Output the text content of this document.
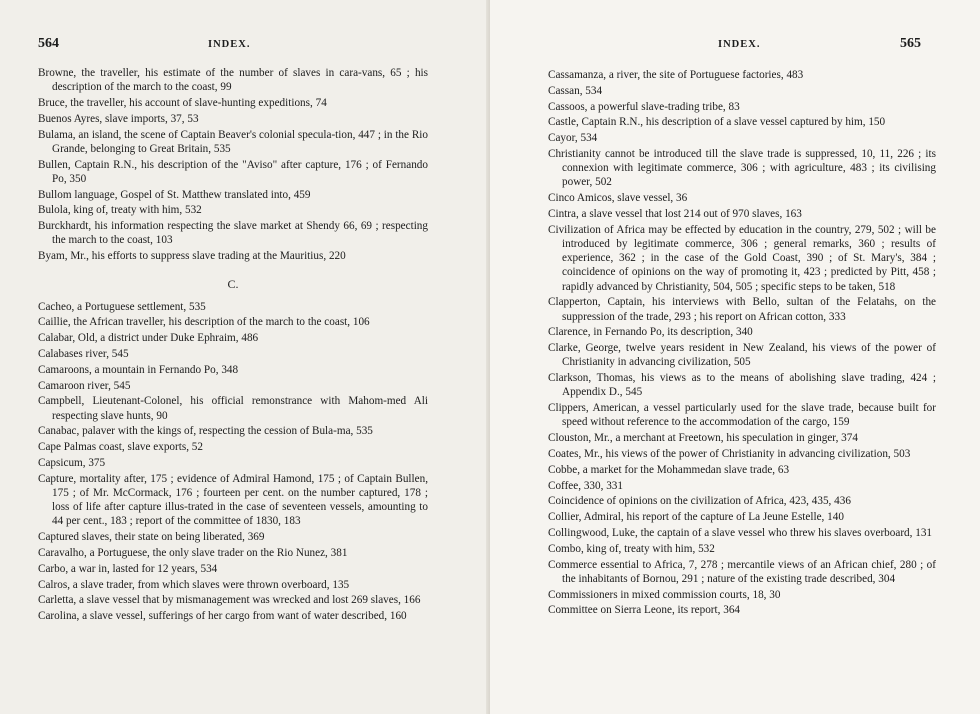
564	INDEX.

Browne, the traveller, his estimate of the number of slaves in cara-vans, 65 ; his description of the march to the coast, 99

Bruce, the traveller, his account of slave-hunting expeditions, 74

Buenos Ayres, slave imports, 37, 53

Bulama, an island, the scene of Captain Beaver's colonial specula-tion, 447 ; in the Rio Grande, belonging to Great Britain, 535

Bullen, Captain R.N., his description of the "Aviso" after capture, 176 ; of Fernando Po, 350

Bullom language, Gospel of St. Matthew translated into, 459

Bulola, king of, treaty with him, 532

Burckhardt, his information respecting the slave market at Shendy 66, 69 ; respecting the march to the coast, 103

Byam, Mr., his efforts to suppress slave trading at the Mauritius, 220

C.

Cacheo, a Portuguese settlement, 535

Caillie, the African traveller, his description of the march to the coast, 106

Calabar, Old, a district under Duke Ephraim, 486

Calabases river, 545

Camaroons, a mountain in Fernando Po, 348

Camaroon river, 545

Campbell, Lieutenant-Colonel, his official remonstrance with Mahom-med Ali respecting slave hunts, 90

Canabac, palaver with the kings of, respecting the cession of Bula-ma, 535

Cape Palmas coast, slave exports, 52

Capsicum, 375

Capture, mortality after, 175 ; evidence of Admiral Hamond, 175 ; of Captain Bullen, 175 ; of Mr. McCormack, 176 ; fourteen per cent. on the number captured, 178 ; loss of life after capture illus-trated in the case of seventeen vessels, amounting to 44 per cent., 183 ; report of the committee of 1830, 183

Captured slaves, their state on being liberated, 369

Caravalho, a Portuguese, the only slave trader on the Rio Nunez, 381

Carbo, a war in, lasted for 12 years, 534

Calros, a slave trader, from which slaves were thrown overboard, 135

Carletta, a slave vessel that by mismanagement was wrecked and lost 269 slaves, 166

Carolina, a slave vessel, sufferings of her cargo from want of water described, 160

INDEX.	565

Cassamanza, a river, the site of Portuguese factories, 483

Cassan, 534

Cassoos, a powerful slave-trading tribe, 83

Castle, Captain R.N., his description of a slave vessel captured by him, 150

Cayor, 534

Christianity cannot be introduced till the slave trade is suppressed, 10, 11, 226 ; its connexion with legitimate commerce, 306 ; with agriculture, 483 ; its civilising power, 502

Cinco Amicos, slave vessel, 36

Cintra, a slave vessel that lost 214 out of 970 slaves, 163

Civilization of Africa may be effected by education in the country, 279, 502 ; will be introduced by legitimate commerce, 306 ; general remarks, 360 ; results of experience, 362 ; in the case of the Gold Coast, 390 ; of St. Mary's, 384 ; coincidence of opinions on the way of promoting it, 423 ; predicted by Pitt, 458 ; rapidly advanced by Christianity, 504, 505 ; specific steps to be taken, 518

Clapperton, Captain, his interviews with Bello, sultan of the Felatahs, on the suppression of the trade, 293 ; his report on African cotton, 333

Clarence, in Fernando Po, its description, 340

Clarke, George, twelve years resident in New Zealand, his views of the power of Christianity in advancing civilization, 505

Clarkson, Thomas, his views as to the means of abolishing slave trading, 424 ; Appendix D., 545

Clippers, American, a vessel particularly used for the slave trade, because built for speed without reference to the accommodation of the cargo, 159

Clouston, Mr., a merchant at Freetown, his speculation in ginger, 374

Coates, Mr., his views of the power of Christianity in advancing civilization, 503

Cobbe, a market for the Mohammedan slave trade, 63

Coffee, 330, 331

Coincidence of opinions on the civilization of Africa, 423, 435, 436

Collier, Admiral, his report of the capture of La Jeune Estelle, 140

Collingwood, Luke, the captain of a slave vessel who threw his slaves overboard, 131

Combo, king of, treaty with him, 532

Commerce essential to Africa, 7, 278 ; mercantile views of an African chief, 280 ; of the inhabitants of Bornou, 291 ; nature of the existing trade described, 304

Commissioners in mixed commission courts, 18, 30

Committee on Sierra Leone, its report, 364
